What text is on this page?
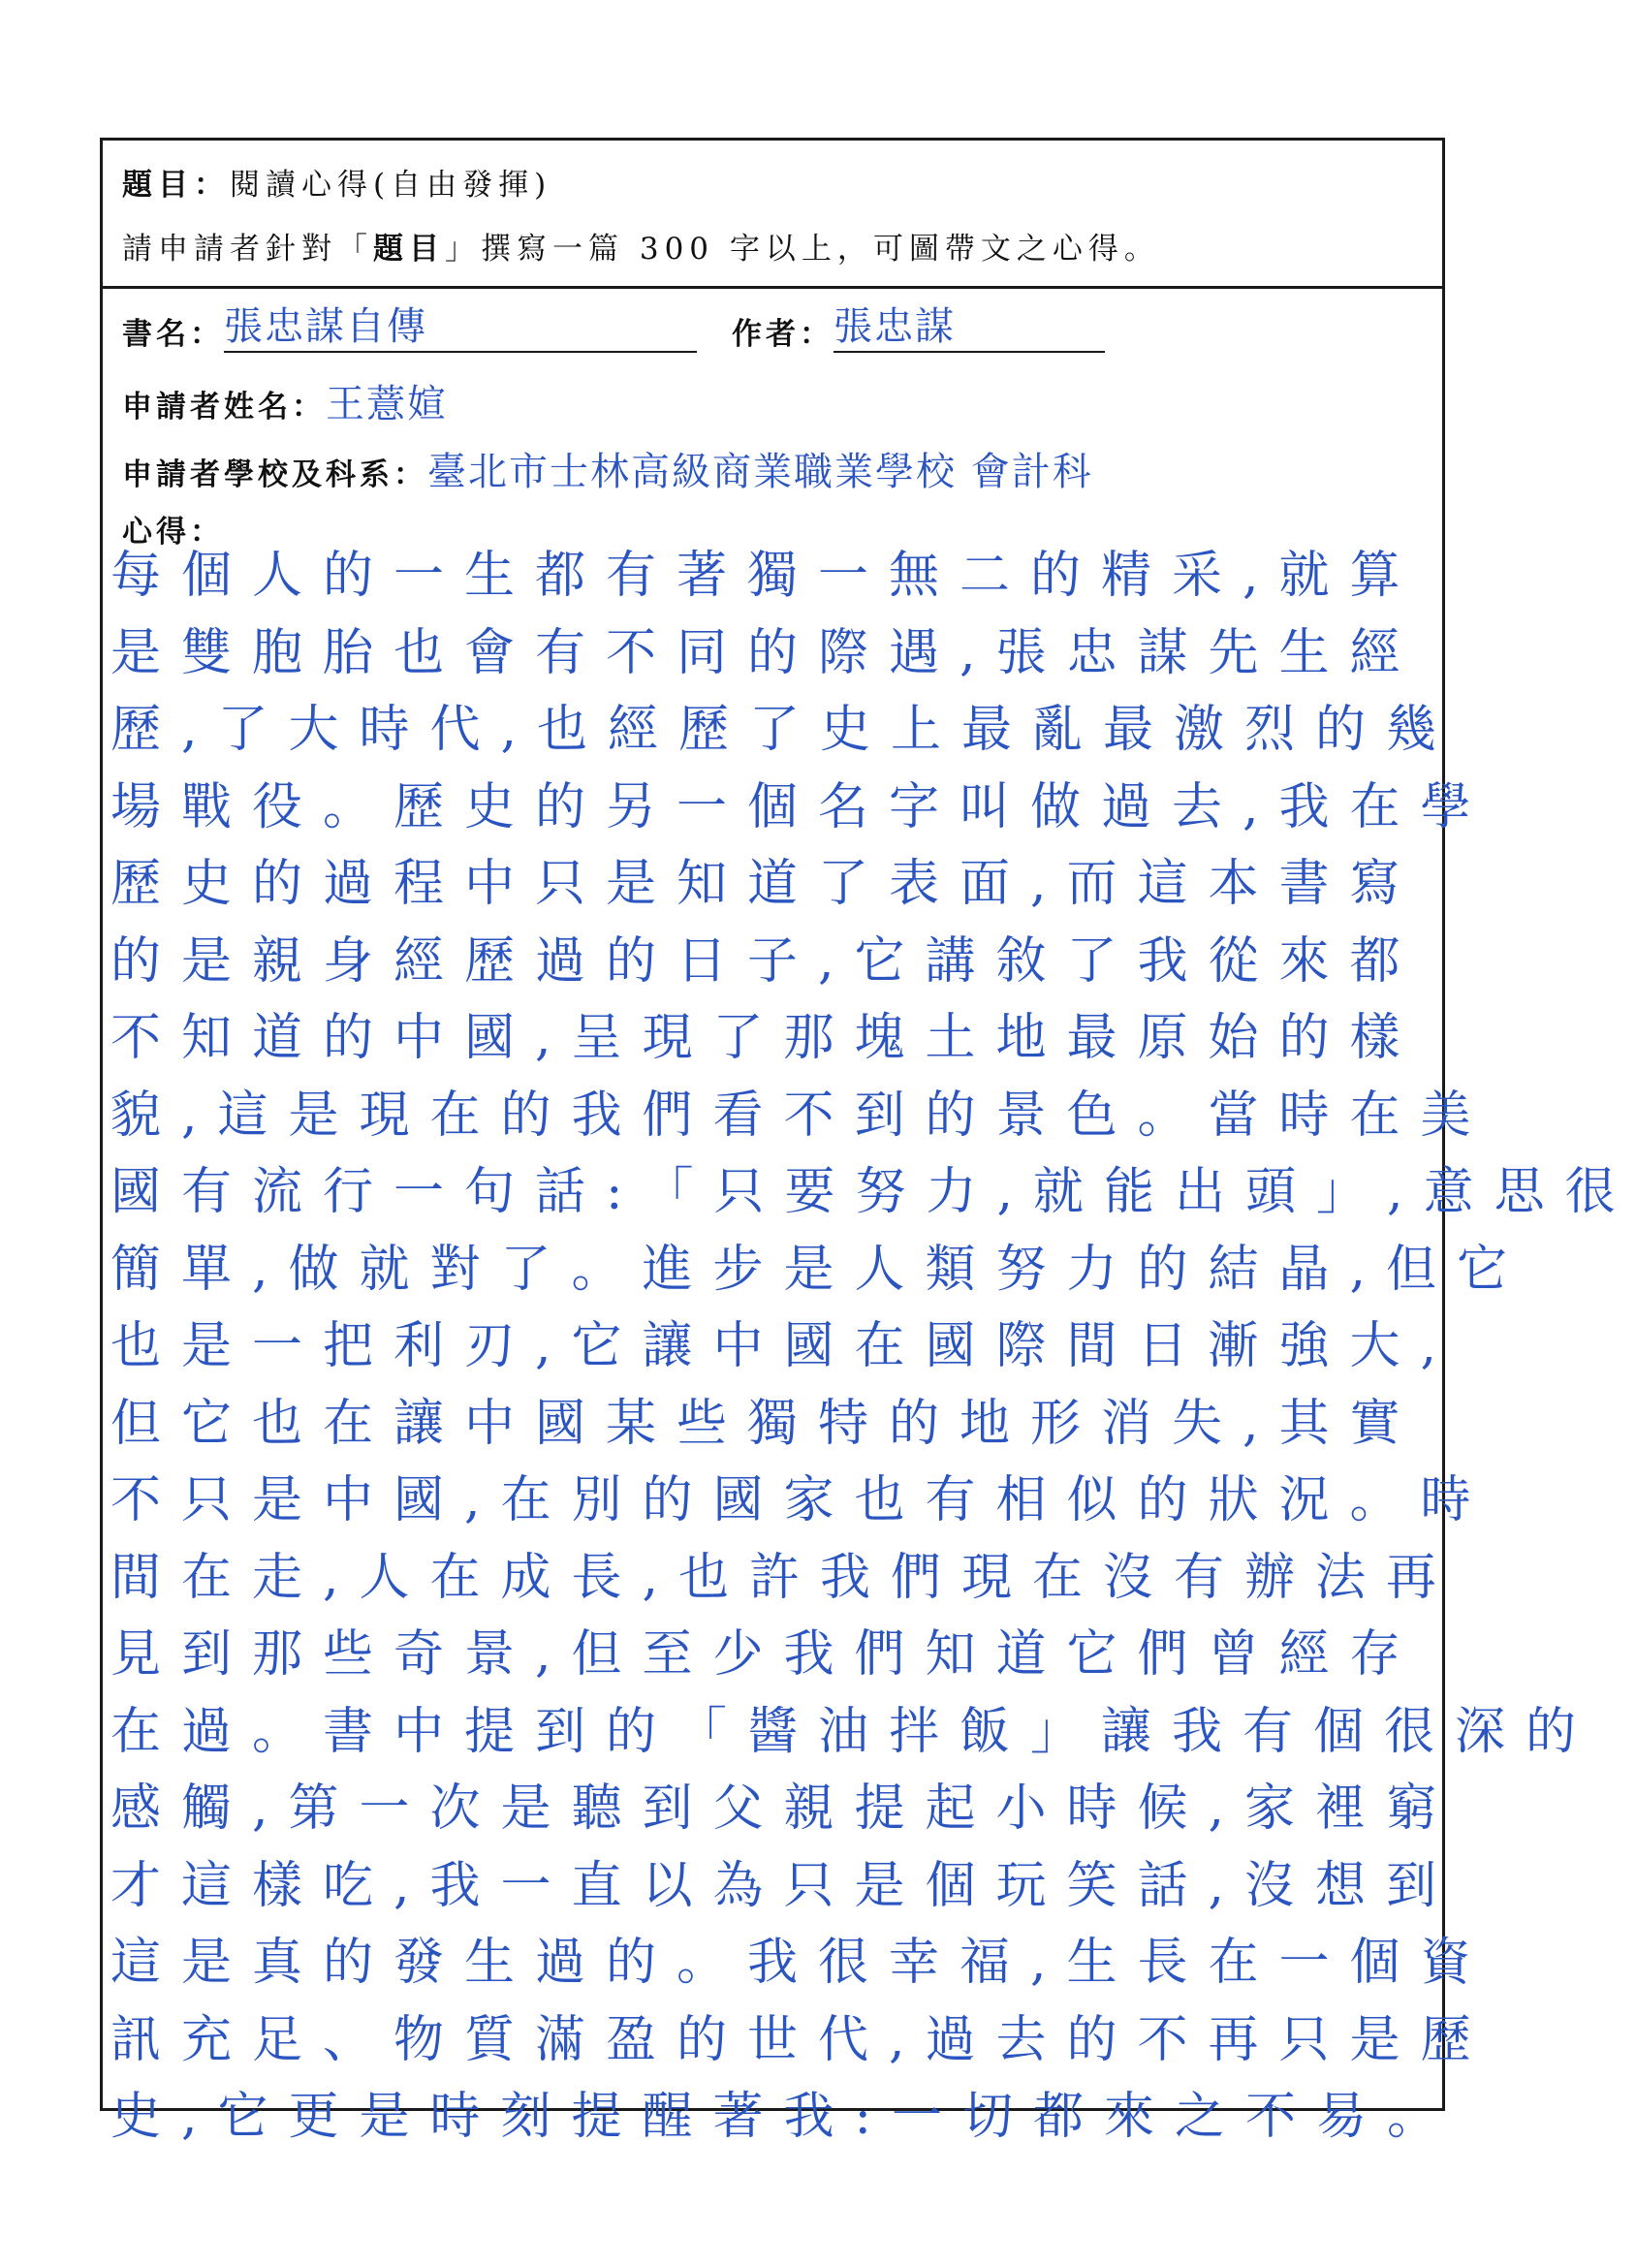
題目：閱讀心得(自由發揮)
請申請者針對「題目」撰寫一篇 300 字以上，可圖帶文之心得。
書名：張忠謀自傳	作者：張忠謀
申請者姓名：王薏媗
申請者學校及科系：臺北市士林高級商業職業學校 會計科
心得：
每個人的一生都有著獨一無二的精采,就算
是雙胞胎也會有不同的際遇,張忠謀先生經
歷,了大時代,也經歷了史上最亂最激烈的幾
場戰役。歷史的另一個名字叫做過去,我在學
歷史的過程中只是知道了表面,而這本書寫
的是親身經歷過的日子,它講敘了我從來都
不知道的中國,呈現了那塊土地最原始的樣
貌,這是現在的我們看不到的景色。當時在美
國有流行一句話:「只要努力,就能出頭」,意思很
簡單,做就對了。進步是人類努力的結晶,但它
也是一把利刃,它讓中國在國際間日漸強大,
但它也在讓中國某些獨特的地形消失,其實
不只是中國,在別的國家也有相似的狀況。時
間在走,人在成長,也許我們現在沒有辦法再
見到那些奇景,但至少我們知道它們曾經存
在過。書中提到的「醬油拌飯」讓我有個很深的
感觸,第一次是聽到父親提起小時候,家裡窮
才這樣吃,我一直以為只是個玩笑話,沒想到
這是真的發生過的。我很幸福,生長在一個資
訊充足、物質滿盈的世代,過去的不再只是歷
史,它更是時刻提醒著我:一切都來之不易。
